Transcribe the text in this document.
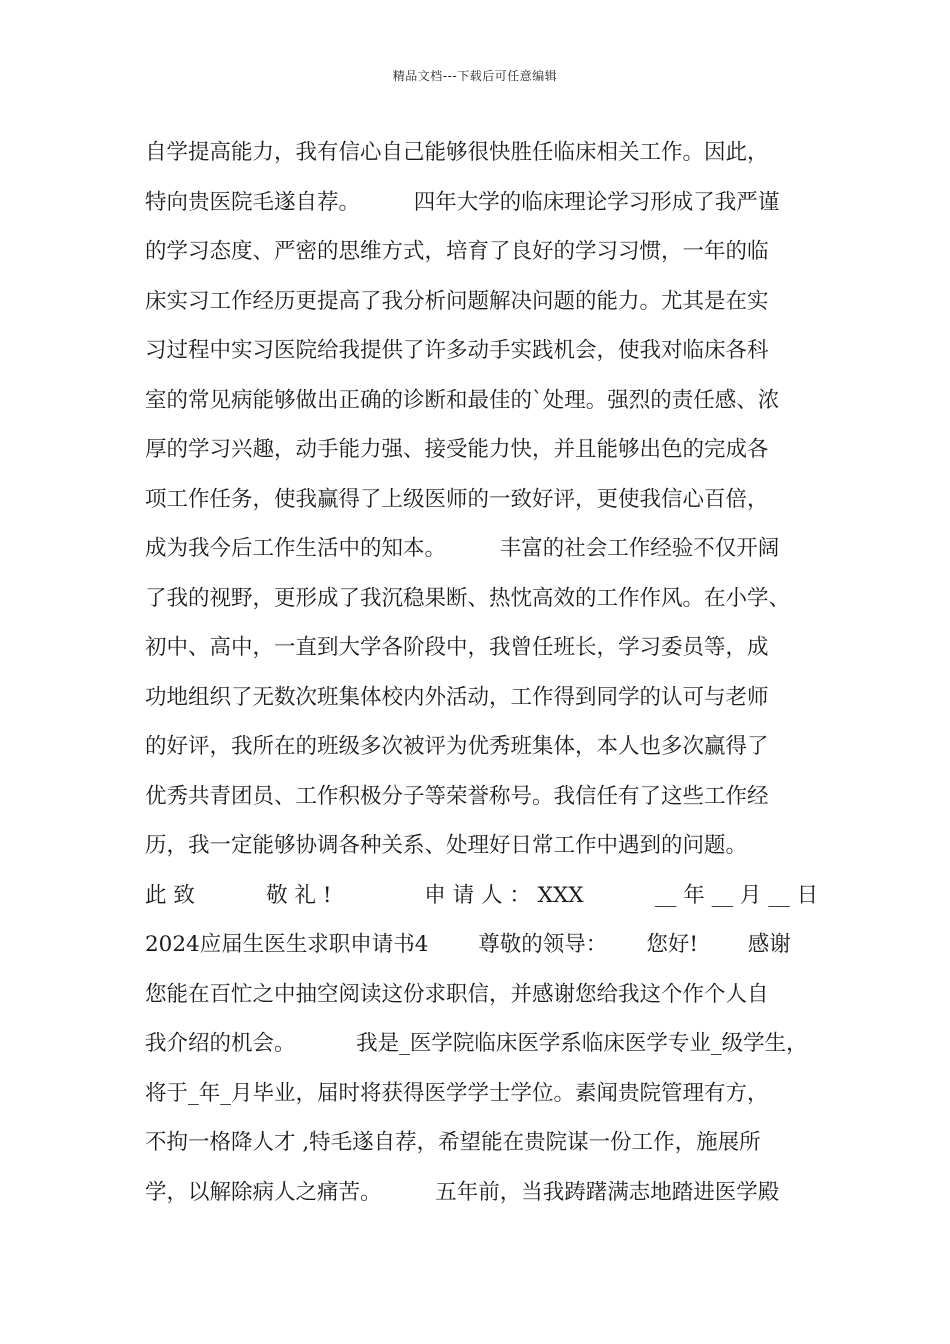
精品文档---下载后可任意编辑
自学提高能力，我有信心自己能够很快胜任临床相关工作。因此，
特向贵医院毛遂自荐。　　　四年大学的临床理论学习形成了我严谨
的学习态度、严密的思维方式，培育了良好的学习习惯，一年的临
床实习工作经历更提高了我分析问题解决问题的能力。尤其是在实
习过程中实习医院给我提供了许多动手实践机会，使我对临床各科
室的常见病能够做出正确的诊断和最佳的`处理。强烈的责任感、浓
厚的学习兴趣，动手能力强、接受能力快，并且能够出色的完成各
项工作任务，使我赢得了上级医师的一致好评，更使我信心百倍，
成为我今后工作生活中的知本。　　　丰富的社会工作经验不仅开阔
了我的视野，更形成了我沉稳果断、热忱高效的工作作风。在小学、
初中、高中，一直到大学各阶段中，我曾任班长，学习委员等，成
功地组织了无数次班集体校内外活动，工作得到同学的认可与老师
的好评，我所在的班级多次被评为优秀班集体，本人也多次赢得了
优秀共青团员、工作积极分子等荣誉称号。我信任有了这些工作经
历，我一定能够协调各种关系、处理好日常工作中遇到的问题。
此 致　　　 敬 礼 !　　　　 申 请 人 ： XXX　　　 __ 年 __ 月 __ 日
2024应届生医生求职申请书4　　 尊敬的领导：　　 您好!　　 感谢
您能在百忙之中抽空阅读这份求职信，并感谢您给我这个作个人自
我介绍的机会。　　　 我是_医学院临床医学系临床医学专业_级学生，
将于_年_月毕业，届时将获得医学学士学位。素闻贵院管理有方，
不拘一格降人才 ,特毛遂自荐，希望能在贵院谋一份工作，施展所
学，以解除病人之痛苦。　　　五年前，当我踌躇满志地踏进医学殿
